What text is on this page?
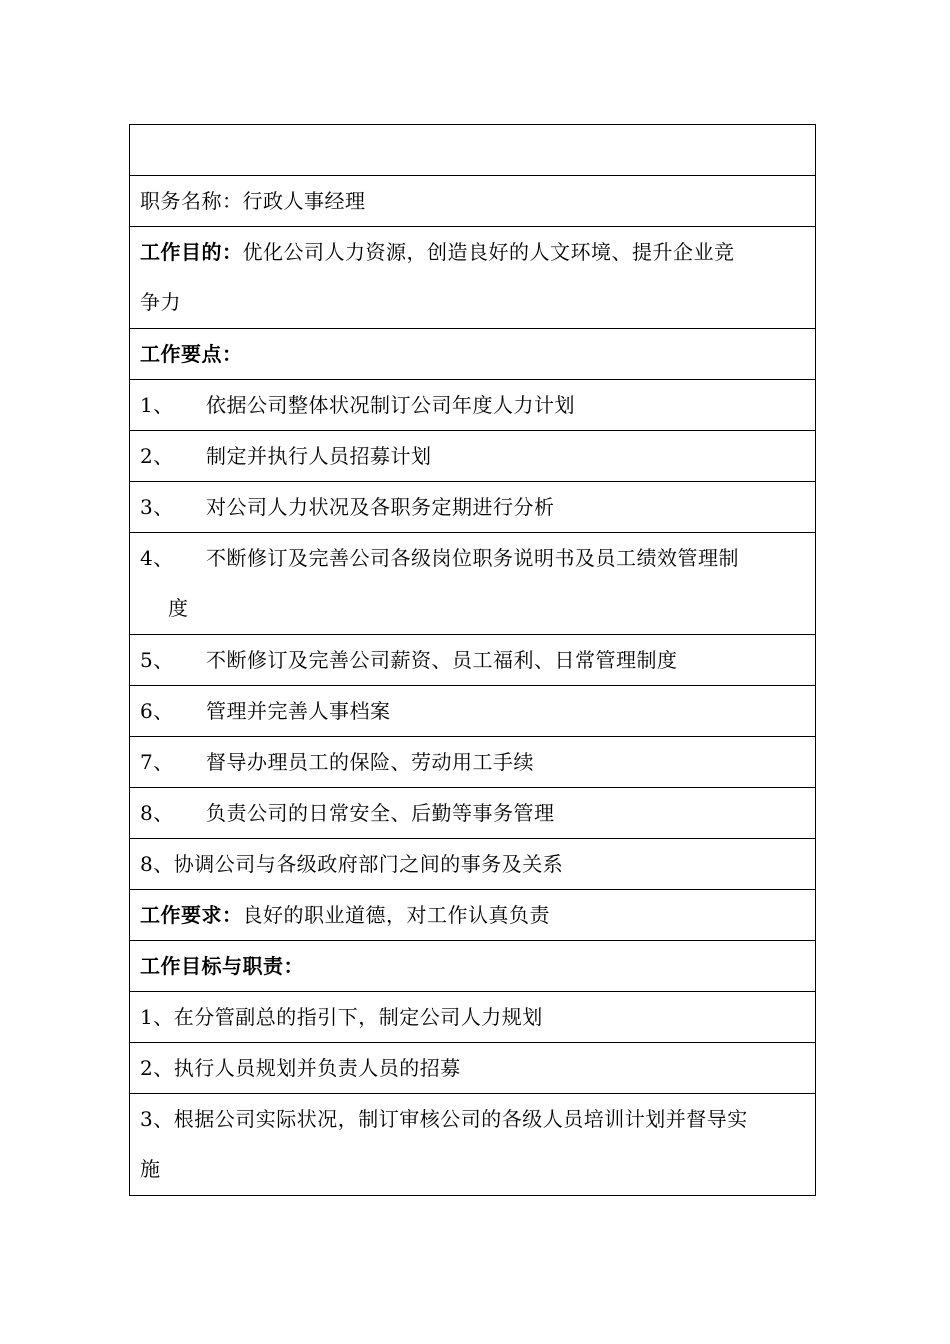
职务名称：行政人事经理
工作目的：优化公司人力资源，创造良好的人文环境、提升企业竞
争力
工作要点：
1、 依据公司整体状况制订公司年度人力计划
2、 制定并执行人员招募计划
3、 对公司人力状况及各职务定期进行分析
4、 不断修订及完善公司各级岗位职务说明书及员工绩效管理制
度

5、 不断修订及完善公司薪资、员工福利、日常管理制度
6、 管理并完善人事档案
7、 督导办理员工的保险、劳动用工手续
8、 负责公司的日常安全、后勤等事务管理
8、协调公司与各级政府部门之间的事务及关系
工作要求：良好的职业道德，对工作认真负责
工作目标与职责：
1、在分管副总的指引下，制定公司人力规划
2、执行人员规划并负责人员的招募
3、根据公司实际状况，制订审核公司的各级人员培训计划并督导实
施
